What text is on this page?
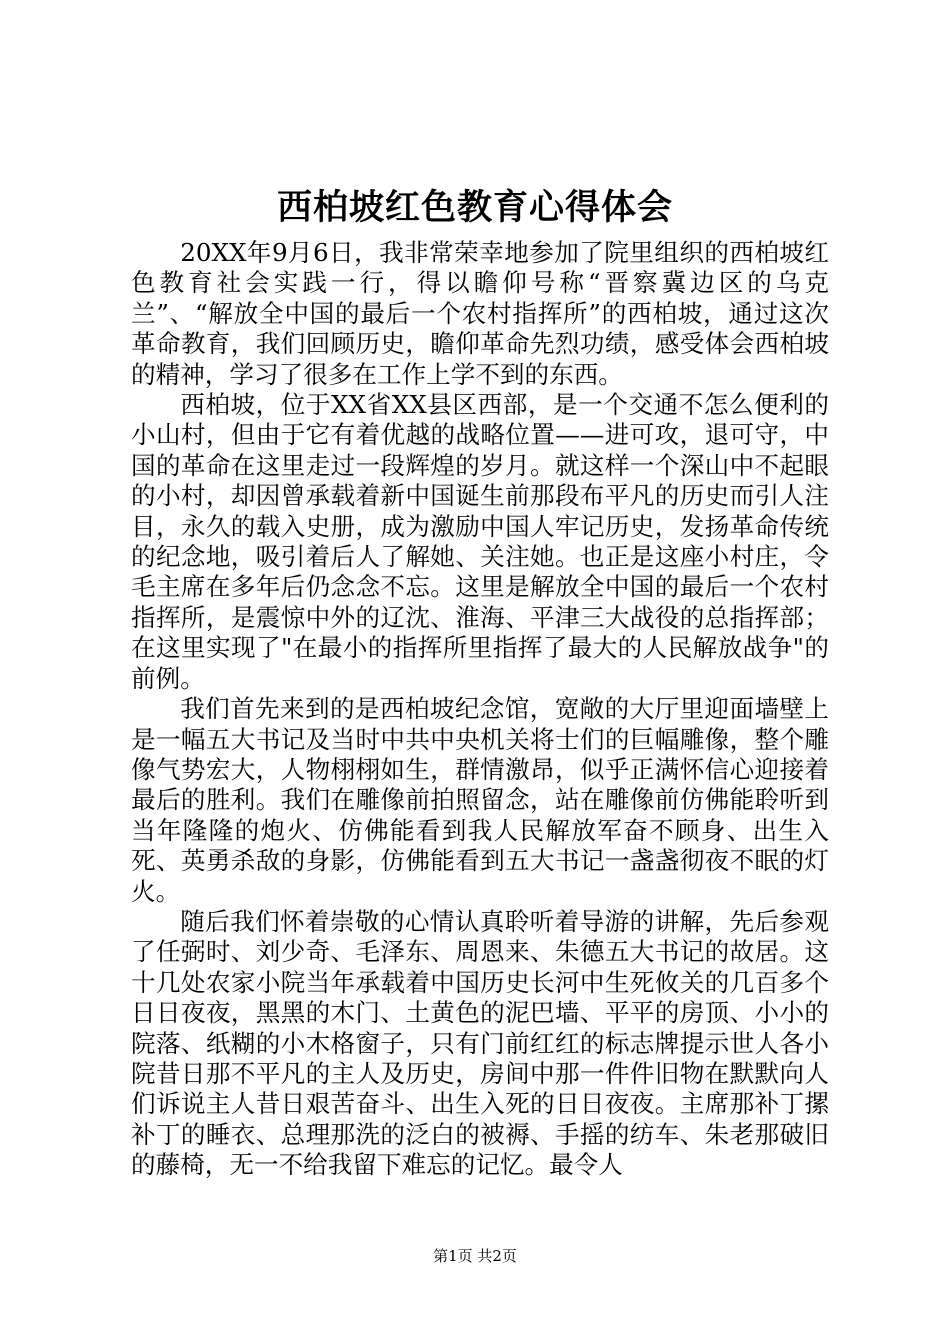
西柏坡红色教育心得体会

20XX年9月6日，我非常荣幸地参加了院里组织的西柏坡红色教育社会实践一行，得以瞻仰号称“晋察冀边区的乌克兰”、“解放全中国的最后一个农村指挥所”的西柏坡，通过这次革命教育，我们回顾历史，瞻仰革命先烈功绩，感受体会西柏坡的精神，学习了很多在工作上学不到的东西。

西柏坡，位于XX省XX县区西部，是一个交通不怎么便利的小山村，但由于它有着优越的战略位置——进可攻，退可守，中国的革命在这里走过一段辉煌的岁月。就这样一个深山中不起眼的小村，却因曾承载着新中国诞生前那段布平凡的历史而引人注目，永久的载入史册，成为激励中国人牢记历史，发扬革命传统的纪念地，吸引着后人了解她、关注她。也正是这座小村庄，令毛主席在多年后仍念念不忘。这里是解放全中国的最后一个农村指挥所，是震惊中外的辽沈、淮海、平津三大战役的总指挥部；在这里实现了"在最小的指挥所里指挥了最大的人民解放战争"的前例。

我们首先来到的是西柏坡纪念馆，宽敞的大厅里迎面墙壁上是一幅五大书记及当时中共中央机关将士们的巨幅雕像，整个雕像气势宏大，人物栩栩如生，群情激昂，似乎正满怀信心迎接着最后的胜利。我们在雕像前拍照留念，站在雕像前仿佛能聆听到当年隆隆的炮火、仿佛能看到我人民解放军奋不顾身、出生入死、英勇杀敌的身影，仿佛能看到五大书记一盏盏彻夜不眠的灯火。

随后我们怀着崇敬的心情认真聆听着导游的讲解，先后参观了任弼时、刘少奇、毛泽东、周恩来、朱德五大书记的故居。这十几处农家小院当年承载着中国历史长河中生死攸关的几百多个日日夜夜，黑黑的木门、土黄色的泥巴墙、平平的房顶、小小的院落、纸糊的小木格窗子，只有门前红红的标志牌提示世人各小院昔日那不平凡的主人及历史，房间中那一件件旧物在默默向人们诉说主人昔日艰苦奋斗、出生入死的日日夜夜。主席那补丁摞补丁的睡衣、总理那洗的泛白的被褥、手摇的纺车、朱老那破旧的藤椅，无一不给我留下难忘的记忆。最令人

第1页 共2页
